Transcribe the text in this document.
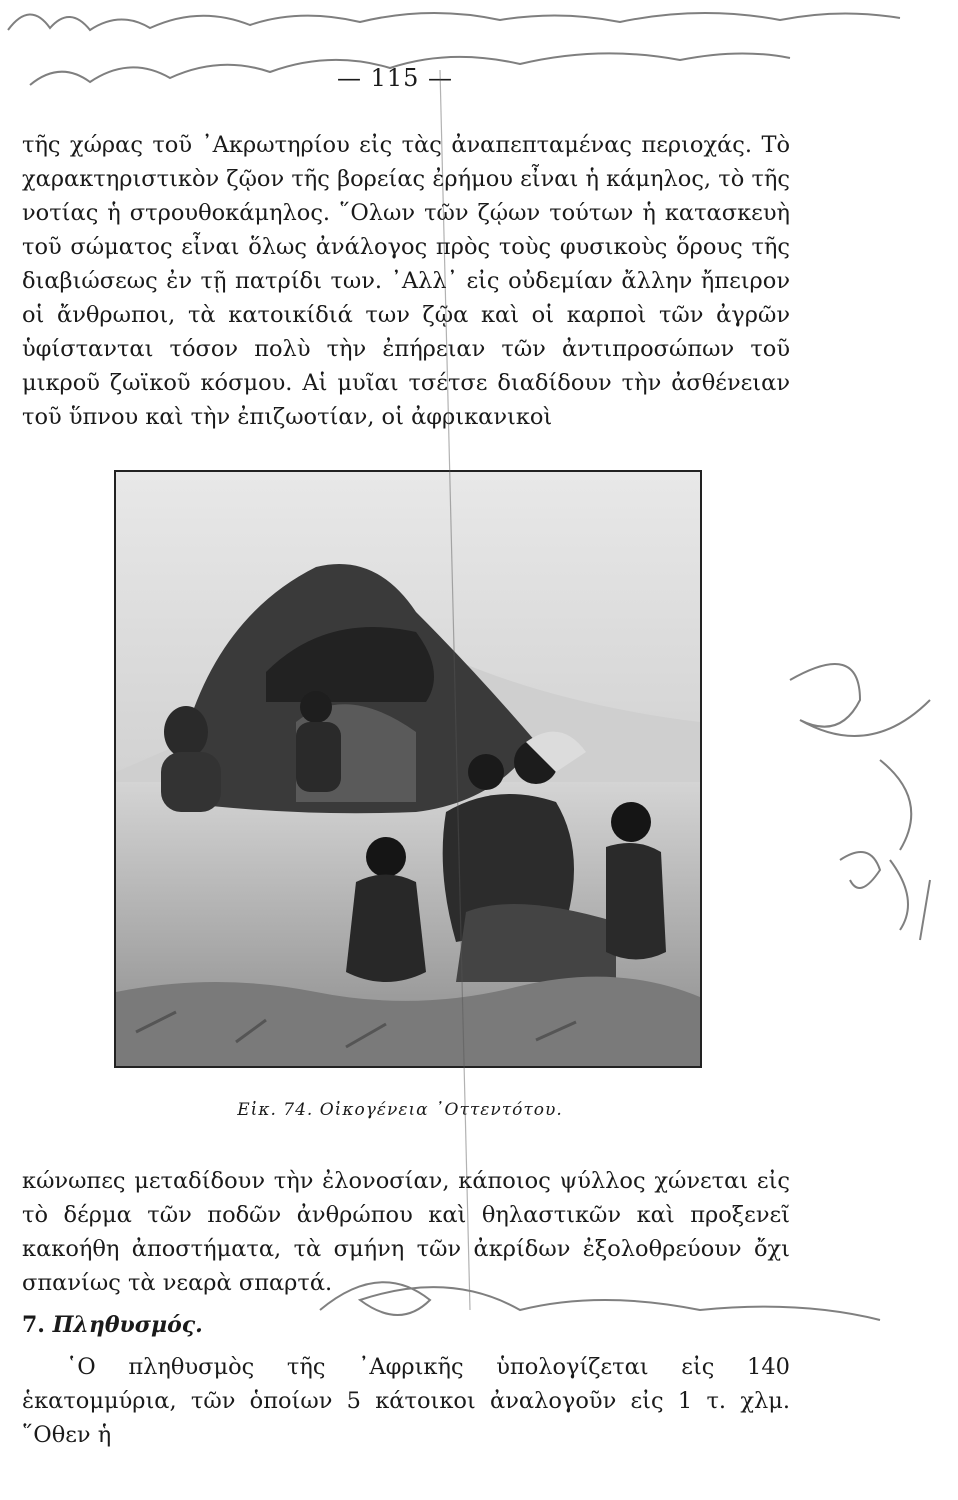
— 115 —

τῆς χώρας τοῦ ᾿Ακρωτηρίου εἰς τὰς ἀναπεπταμένας περιοχάς. Τὸ χαρακτηριστικὸν ζῷον τῆς βορείας ἐρήμου εἶναι ἡ κάμηλος, τὸ τῆς νοτίας ἡ στρουθοκάμηλος. ῞Ολων τῶν ζῴων τούτων ἡ κατασκευὴ τοῦ σώματος εἶναι ὅλως ἀνάλογος πρὸς τοὺς φυσικοὺς ὅρους τῆς διαβιώσεως ἐν τῇ πατρίδι των. ᾿Αλλ᾿ εἰς οὐδεμίαν ἄλλην ἤπειρον οἱ ἄνθρωποι, τὰ κατοικίδιά των ζῷα καὶ οἱ καρποὶ τῶν ἀγρῶν ὑφίστανται τόσον πολὺ τὴν ἐπήρειαν τῶν ἀντιπροσώπων τοῦ μικροῦ ζωϊκοῦ κόσμου. Αἱ μυῖαι τσέτσε διαδίδουν τὴν ἀσθένειαν τοῦ ὕπνου καὶ τὴν ἐπιζωοτίαν, οἱ ἀφρικανικοὶ

Εἰκ. 74. Οἰκογένεια ᾿Οττεντότου.

κώνωπες μεταδίδουν τὴν ἐλονοσίαν, κάποιος ψύλλος χώνεται εἰς τὸ δέρμα τῶν ποδῶν ἀνθρώπου καὶ θηλαστικῶν καὶ προξενεῖ κακοήθη ἀποστήματα, τὰ σμήνη τῶν ἀκρίδων ἐξολοθρεύουν ὄχι σπανίως τὰ νεαρὰ σπαρτά.

7. Πληθυσμός.
῾Ο πληθυσμὸς τῆς ᾿Αφρικῆς ὑπολογίζεται εἰς 140 ἑκατομμύρια, τῶν ὁποίων 5 κάτοικοι ἀναλογοῦν εἰς 1 τ. χλμ. ῞Οθεν ἡ
